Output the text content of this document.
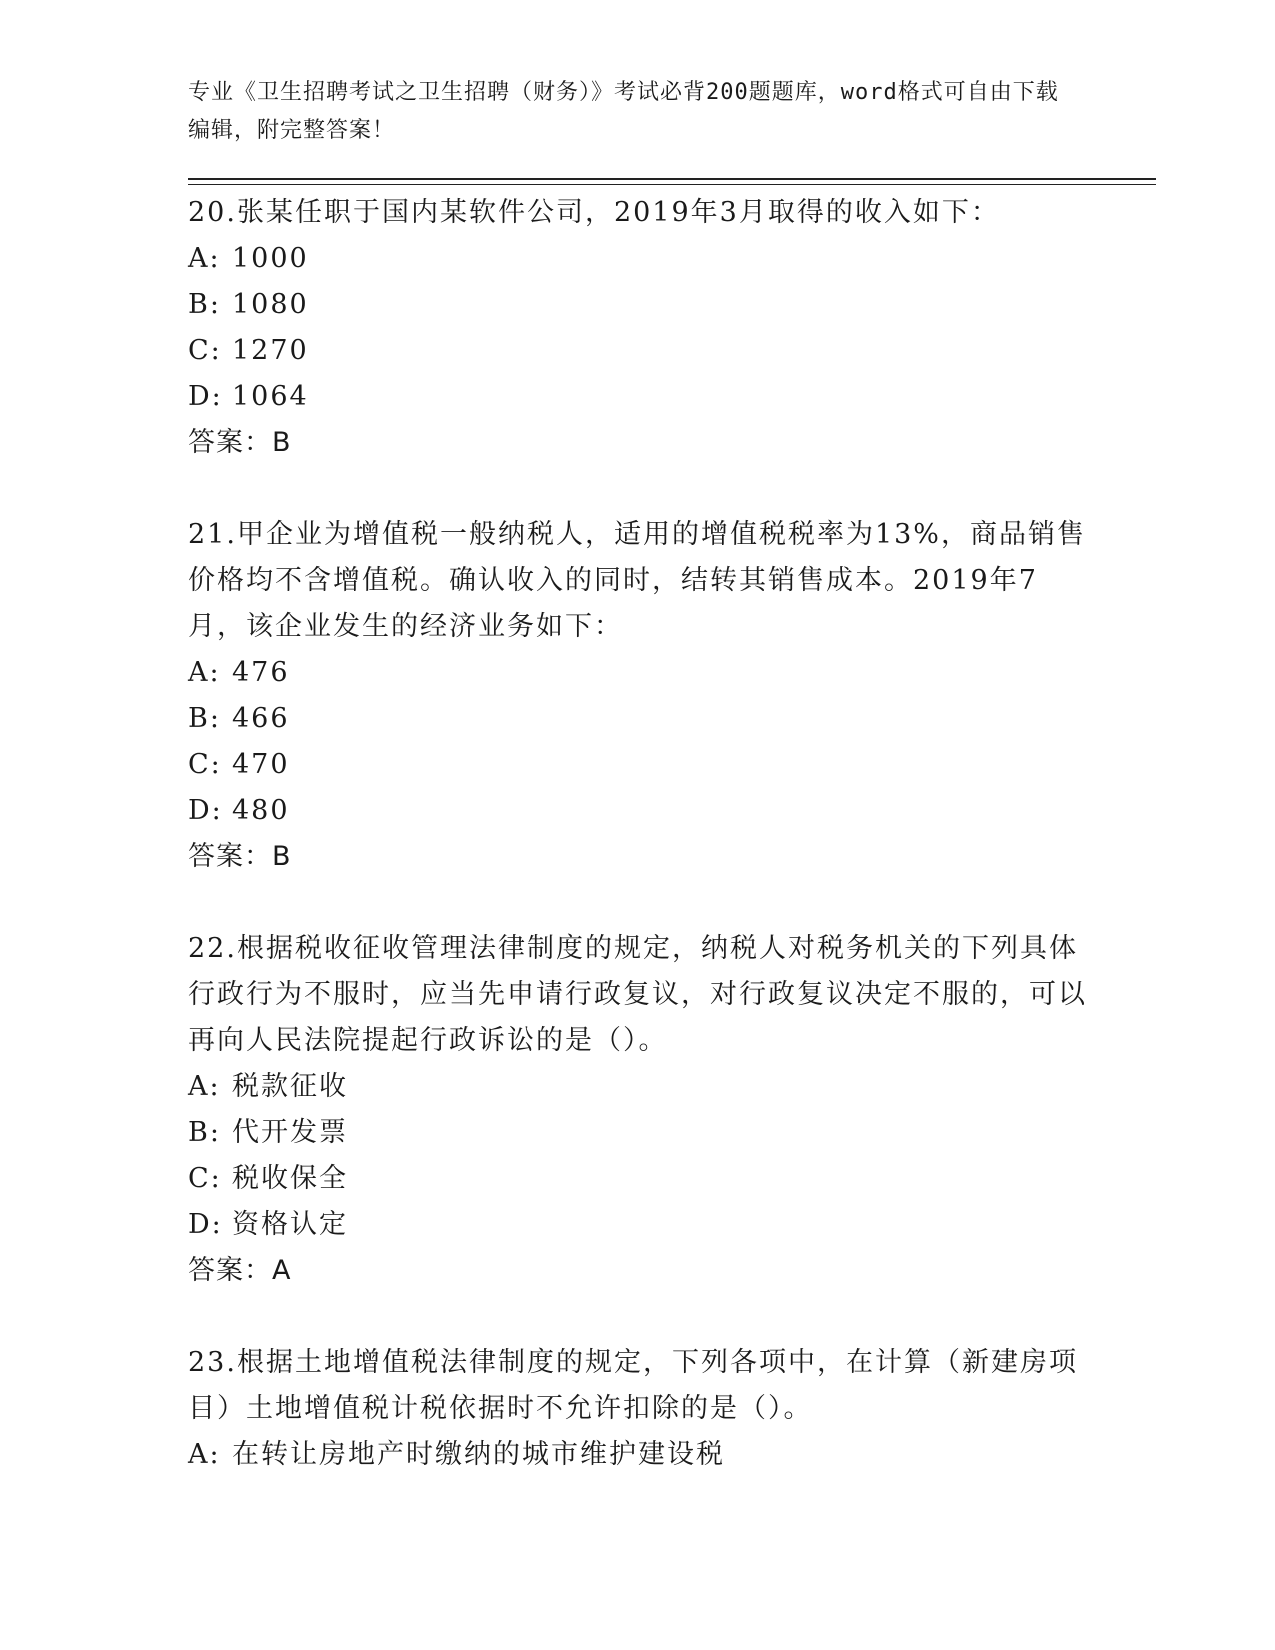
专业《卫生招聘考试之卫生招聘（财务）》考试必背200题题库，word格式可自由下载编辑，附完整答案！

20.张某任职于国内某软件公司，2019年3月取得的收入如下：

A: 1000

B: 1080

C: 1270

D: 1064

答案：B

21.甲企业为增值税一般纳税人，适用的增值税税率为13%，商品销售价格均不含增值税。确认收入的同时，结转其销售成本。2019年7月，该企业发生的经济业务如下：

A: 476

B: 466

C: 470

D: 480

答案：B

22.根据税收征收管理法律制度的规定，纳税人对税务机关的下列具体行政行为不服时，应当先申请行政复议，对行政复议决定不服的，可以再向人民法院提起行政诉讼的是（）。

A: 税款征收

B: 代开发票

C: 税收保全

D: 资格认定

答案：A

23.根据土地增值税法律制度的规定，下列各项中，在计算（新建房项目）土地增值税计税依据时不允许扣除的是（）。

A: 在转让房地产时缴纳的城市维护建设税
